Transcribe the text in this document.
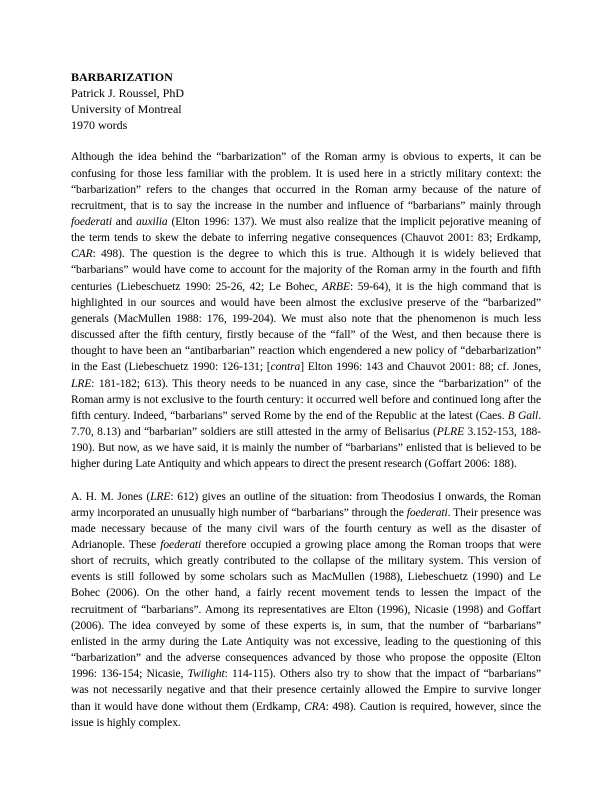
BARBARIZATION
Patrick J. Roussel, PhD
University of Montreal
1970 words

Although the idea behind the “barbarization” of the Roman army is obvious to experts, it can be confusing for those less familiar with the problem. It is used here in a strictly military context: the “barbarization” refers to the changes that occurred in the Roman army because of the nature of recruitment, that is to say the increase in the number and influence of “barbarians” mainly through foederati and auxilia (Elton 1996: 137). We must also realize that the implicit pejorative meaning of the term tends to skew the debate to inferring negative consequences (Chauvot 2001: 83; Erdkamp, CAR: 498). The question is the degree to which this is true. Although it is widely believed that “barbarians” would have come to account for the majority of the Roman army in the fourth and fifth centuries (Liebeschuetz 1990: 25-26, 42; Le Bohec, ARBE: 59-64), it is the high command that is highlighted in our sources and would have been almost the exclusive preserve of the “barbarized” generals (MacMullen 1988: 176, 199-204). We must also note that the phenomenon is much less discussed after the fifth century, firstly because of the “fall” of the West, and then because there is thought to have been an “antibarbarian” reaction which engendered a new policy of “debarbarization” in the East (Liebeschuetz 1990: 126-131; [contra] Elton 1996: 143 and Chauvot 2001: 88; cf. Jones, LRE: 181-182; 613). This theory needs to be nuanced in any case, since the “barbarization” of the Roman army is not exclusive to the fourth century: it occurred well before and continued long after the fifth century. Indeed, “barbarians” served Rome by the end of the Republic at the latest (Caes. B Gall. 7.70, 8.13) and “barbarian” soldiers are still attested in the army of Belisarius (PLRE 3.152-153, 188-190). But now, as we have said, it is mainly the number of “barbarians” enlisted that is believed to be higher during Late Antiquity and which appears to direct the present research (Goffart 2006: 188).

A. H. M. Jones (LRE: 612) gives an outline of the situation: from Theodosius I onwards, the Roman army incorporated an unusually high number of “barbarians” through the foederati. Their presence was made necessary because of the many civil wars of the fourth century as well as the disaster of Adrianople. These foederati therefore occupied a growing place among the Roman troops that were short of recruits, which greatly contributed to the collapse of the military system. This version of events is still followed by some scholars such as MacMullen (1988), Liebeschuetz (1990) and Le Bohec (2006). On the other hand, a fairly recent movement tends to lessen the impact of the recruitment of “barbarians”. Among its representatives are Elton (1996), Nicasie (1998) and Goffart (2006). The idea conveyed by some of these experts is, in sum, that the number of “barbarians” enlisted in the army during the Late Antiquity was not excessive, leading to the questioning of this “barbarization” and the adverse consequences advanced by those who propose the opposite (Elton 1996: 136-154; Nicasie, Twilight: 114-115). Others also try to show that the impact of “barbarians” was not necessarily negative and that their presence certainly allowed the Empire to survive longer than it would have done without them (Erdkamp, CRA: 498). Caution is required, however, since the issue is highly complex.
